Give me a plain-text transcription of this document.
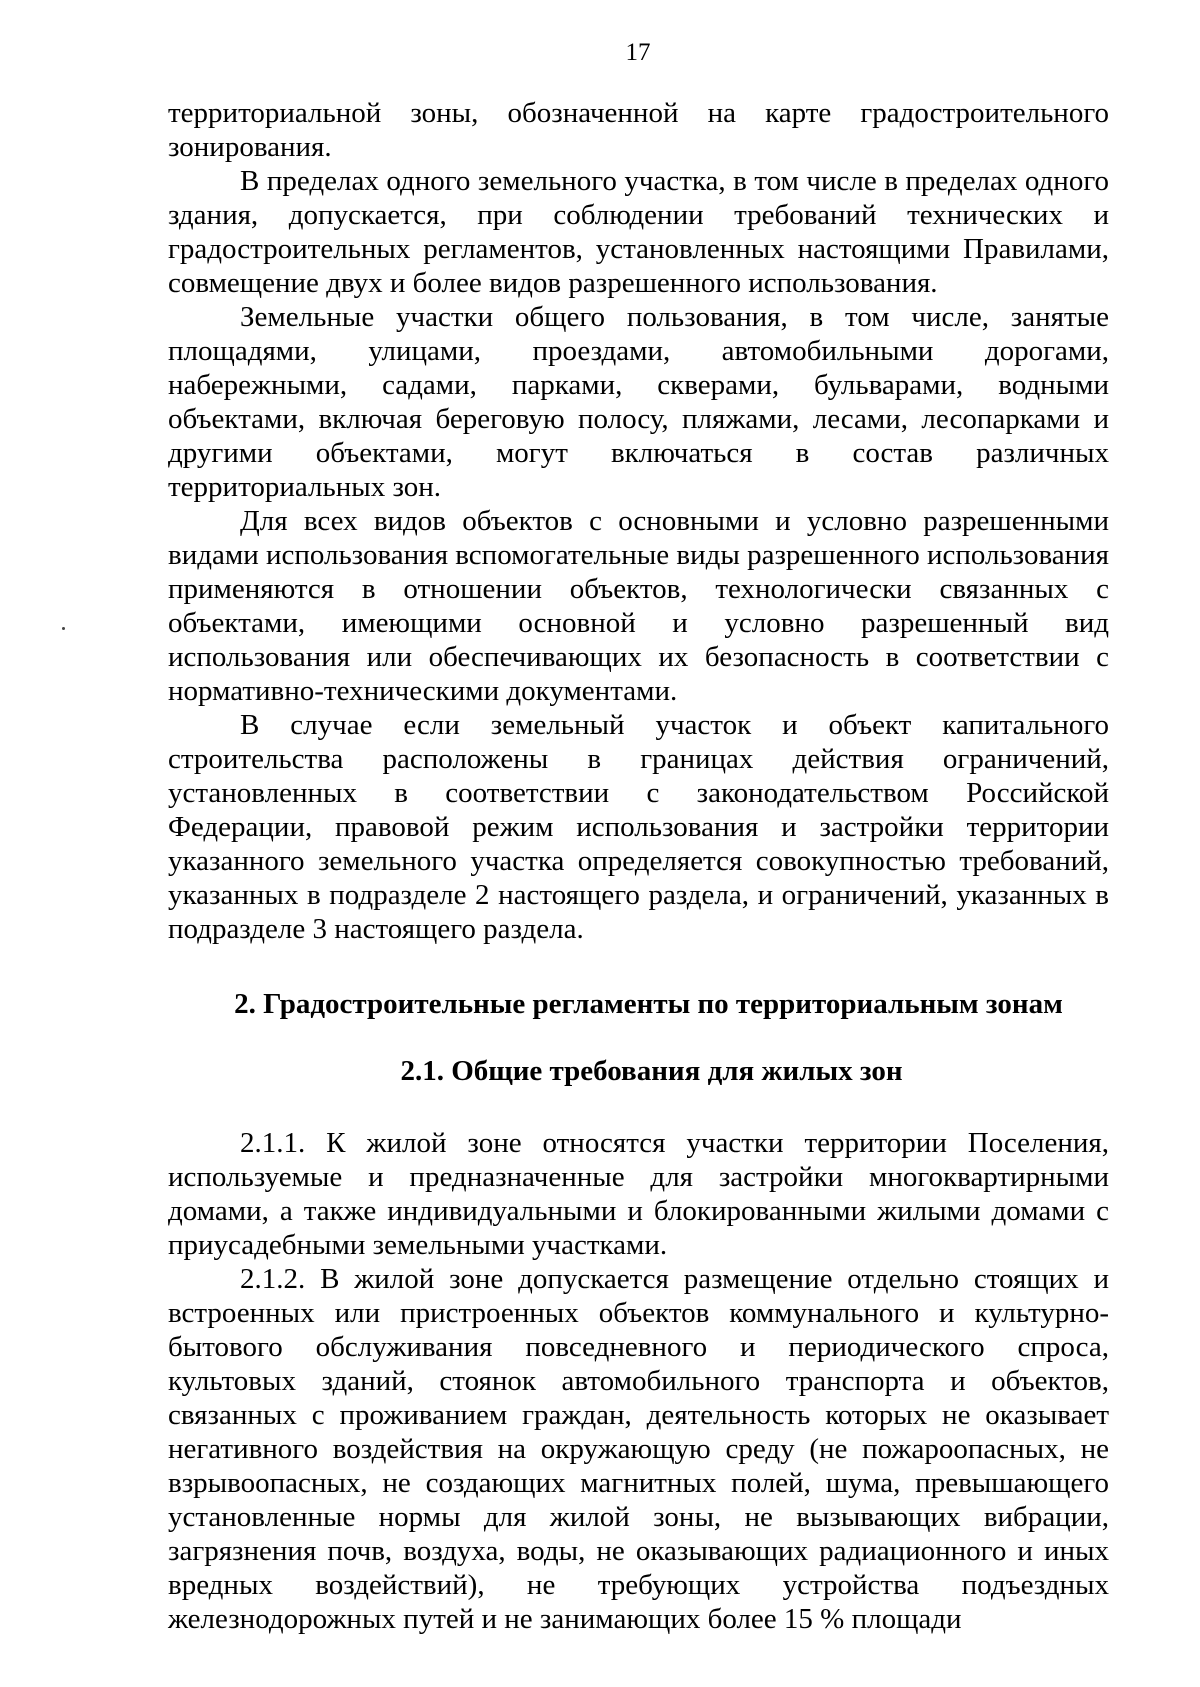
17

территориальной зоны, обозначенной на карте градостроительного зонирования.

В пределах одного земельного участка, в том числе в пределах одного здания, допускается, при соблюдении требований технических и градостроительных регламентов, установленных настоящими Правилами, совмещение двух и более видов разрешенного использования.

Земельные участки общего пользования, в том числе, занятые площадями, улицами, проездами, автомобильными дорогами, набережными, садами, парками, скверами, бульварами, водными объектами, включая береговую полосу, пляжами, лесами, лесопарками и другими объектами, могут включаться в состав различных территориальных зон.

Для всех видов объектов с основными и условно разрешенными видами использования вспомогательные виды разрешенного использования применяются в отношении объектов, технологически связанных с объектами, имеющими основной и условно разрешенный вид использования или обеспечивающих их безопасность в соответствии с нормативно-техническими документами.

В случае если земельный участок и объект капитального строительства расположены в границах действия ограничений, установленных в соответствии с законодательством Российской Федерации, правовой режим использования и застройки территории указанного земельного участка определяется совокупностью требований, указанных в подразделе 2 настоящего раздела, и ограничений, указанных в подразделе 3 настоящего раздела.

2. Градостроительные регламенты по территориальным зонам

2.1. Общие требования для жилых зон

2.1.1. К жилой зоне относятся участки территории Поселения, используемые и предназначенные для застройки многоквартирными домами, а также индивидуальными и блокированными жилыми домами с приусадебными земельными участками.

2.1.2. В жилой зоне допускается размещение отдельно стоящих и встроенных или пристроенных объектов коммунального и культурно-бытового обслуживания повседневного и периодического спроса, культовых зданий, стоянок автомобильного транспорта и объектов, связанных с проживанием граждан, деятельность которых не оказывает негативного воздействия на окружающую среду (не пожароопасных, не взрывоопасных, не создающих магнитных полей, шума, превышающего установленные нормы для жилой зоны, не вызывающих вибрации, загрязнения почв, воздуха, воды, не оказывающих радиационного и иных вредных воздействий), не требующих устройства подъездных железнодорожных путей и не занимающих более 15 % площади
